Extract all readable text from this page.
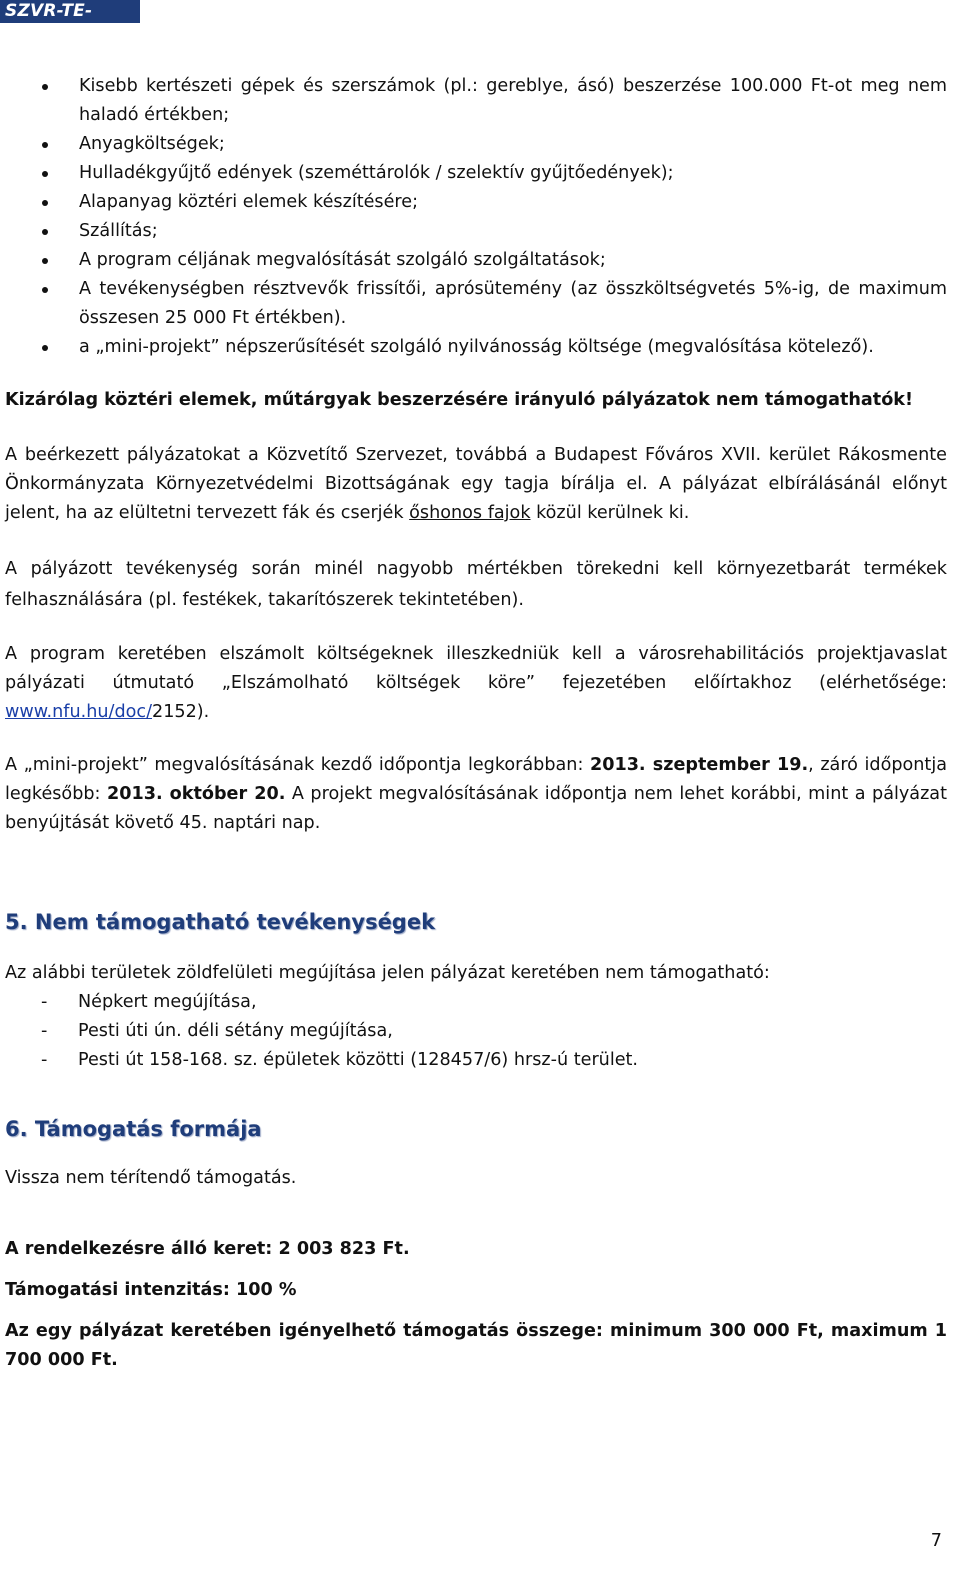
SZVR-TE-2012
Kisebb kertészeti gépek és szerszámok (pl.: gereblye, ásó) beszerzése 100.000 Ft-ot meg nem haladó értékben;
Anyagköltségek;
Hulladékgyűjtő edények (szeméttárolók / szelektív gyűjtőedények);
Alapanyag köztéri elemek készítésére;
Szállítás;
A program céljának megvalósítását szolgáló szolgáltatások;
A tevékenységben résztvevők frissítői, aprósütemény (az összköltségvetés 5%-ig, de maximum összesen 25 000 Ft értékben).
a „mini-projekt” népszerűsítését szolgáló nyilvánosság költsége (megvalósítása kötelező).

Kizárólag köztéri elemek, műtárgyak beszerzésére irányuló pályázatok nem támogathatók!

A beérkezett pályázatokat a Közvetítő Szervezet, továbbá a Budapest Főváros XVII. kerület Rákosmente Önkormányzata Környezetvédelmi Bizottságának egy tagja bírálja el. A pályázat elbírálásánál előnyt jelent, ha az elültetni tervezett fák és cserjék őshonos fajok közül kerülnek ki.

A pályázott tevékenység során minél nagyobb mértékben törekedni kell környezetbarát termékek felhasználására (pl. festékek, takarítószerek tekintetében).

A program keretében elszámolt költségeknek illeszkedniük kell a városrehabilitációs projektjavaslat pályázati útmutató „Elszámolható költségek köre” fejezetében előírtakhoz (elérhetősége: www.nfu.hu/doc/2152).

A „mini-projekt” megvalósításának kezdő időpontja legkorábban: 2013. szeptember 19., záró időpontja legkésőbb: 2013. október 20. A projekt megvalósításának időpontja nem lehet korábbi, mint a pályázat benyújtását követő 45. naptári nap.

5. Nem támogatható tevékenységek

Az alábbi területek zöldfelületi megújítása jelen pályázat keretében nem támogatható:

- Népkert megújítása,
- Pesti úti ún. déli sétány megújítása,
- Pesti út 158-168. sz. épületek közötti (128457/6) hrsz-ú terület.
6. Támogatás formája

Vissza nem térítendő támogatás.

A rendelkezésre álló keret: 2 003 823 Ft.

Támogatási intenzitás: 100 %

Az egy pályázat keretében igényelhető támogatás összege: minimum 300 000 Ft, maximum 1 700 000 Ft.

7
